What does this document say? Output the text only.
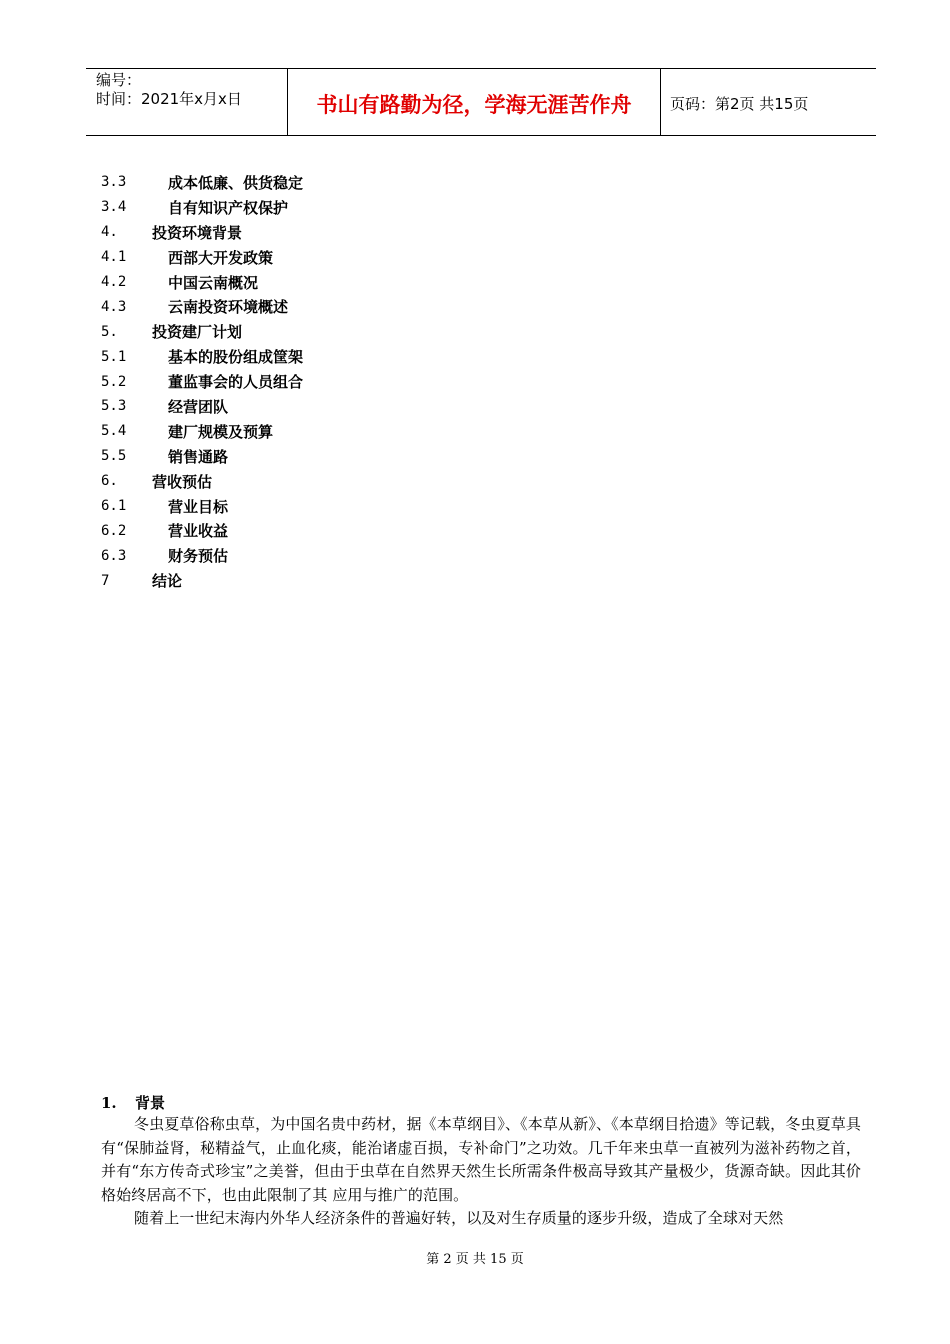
编号：
时间：2021年x月x日	书山有路勤为径，学海无涯苦作舟	页码：第2页 共15页
3.3	成本低廉、供货稳定
3.4	自有知识产权保护
4.	投资环境背景
4.1	西部大开发政策
4.2	中国云南概况
4.3	云南投资环境概述
5.	投资建厂计划
5.1	基本的股份组成筐架
5.2	董监事会的人员组合
5.3	经营团队
5.4	建厂规模及预算
5.5	销售通路
6.	营收预估
6.1	营业目标
6.2	营业收益
6.3	财务预估
7	结论
1. 背景

冬虫夏草俗称虫草，为中国名贵中药材，据《本草纲目》、《本草从新》、《本草纲目拾遗》等记载，冬虫夏草具有“保肺益肾，秘精益气，止血化痰，能治诸虚百损，专补命门”之功效。几千年来虫草一直被列为滋补药物之首，并有“东方传奇式珍宝”之美誉，但由于虫草在自然界天然生长所需条件极高导致其产量极少，货源奇缺。因此其价格始终居高不下，也由此限制了其 应用与推广的范围。

随着上一世纪末海内外华人经济条件的普遍好转，以及对生存质量的逐步升级，造成了全球对天然

第 2 页 共 15 页
